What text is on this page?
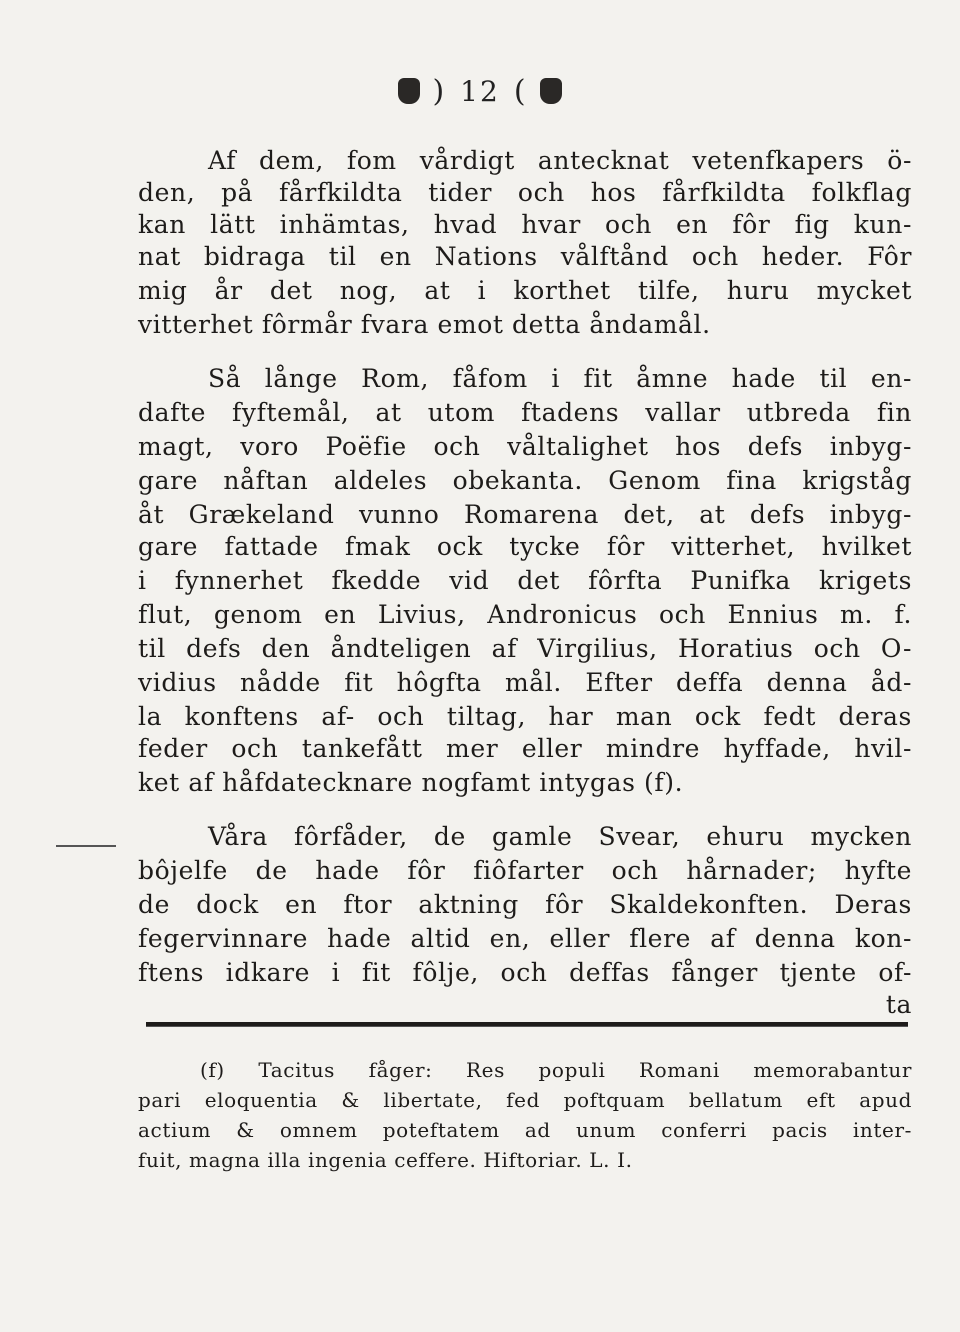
) 12 (
Af dem, fom vårdigt antecknat vetenfkapers ö-
den, på fårfkildta tider och hos fårfkildta folkflag
kan lätt inhämtas, hvad hvar och en fôr fig kun-
nat bidraga til en Nations vålftånd och heder. Fôr
mig år det nog, at i korthet tilfe, huru mycket
vitterhet fôrmår fvara emot detta åndamål.
Så långe Rom, fåfom i fit åmne hade til en-
dafte fyftemål, at utom ftadens vallar utbreda fin
magt, voro Poëfie och våltalighet hos defs inbyg-
gare nåftan aldeles obekanta. Genom fina krigståg
åt Grækeland vunno Romarena det, at defs inbyg-
gare fattade fmak ock tycke fôr vitterhet, hvilket
i fynnerhet fkedde vid det fôrfta Punifka krigets
flut, genom en Livius, Andronicus och Ennius m. f.
til defs den åndteligen af Virgilius, Horatius och O-
vidius nådde fit hôgfta mål. Efter deffa denna åd-
la konftens af- och tiltag, har man ock fedt deras
feder och tankefått mer eller mindre hyffade, hvil-
ket af håfdatecknare nogfamt intygas (f).
Våra fôrfåder, de gamle Svear, ehuru mycken
bôjelfe de hade fôr fiôfarter och hårnader; hyfte
de dock en ftor aktning fôr Skaldekonften. Deras
fegervinnare hade altid en, eller flere af denna kon-
ftens idkare i fit fôlje, och deffas fånger tjente of-
ta
(f) Tacitus fåger: Res populi Romani memorabantur
pari eloquentia & libertate, fed poftquam bellatum eft apud
actium & omnem poteftatem ad unum conferri pacis inter-
fuit, magna illa ingenia ceffere. Hiftoriar. L. I.
